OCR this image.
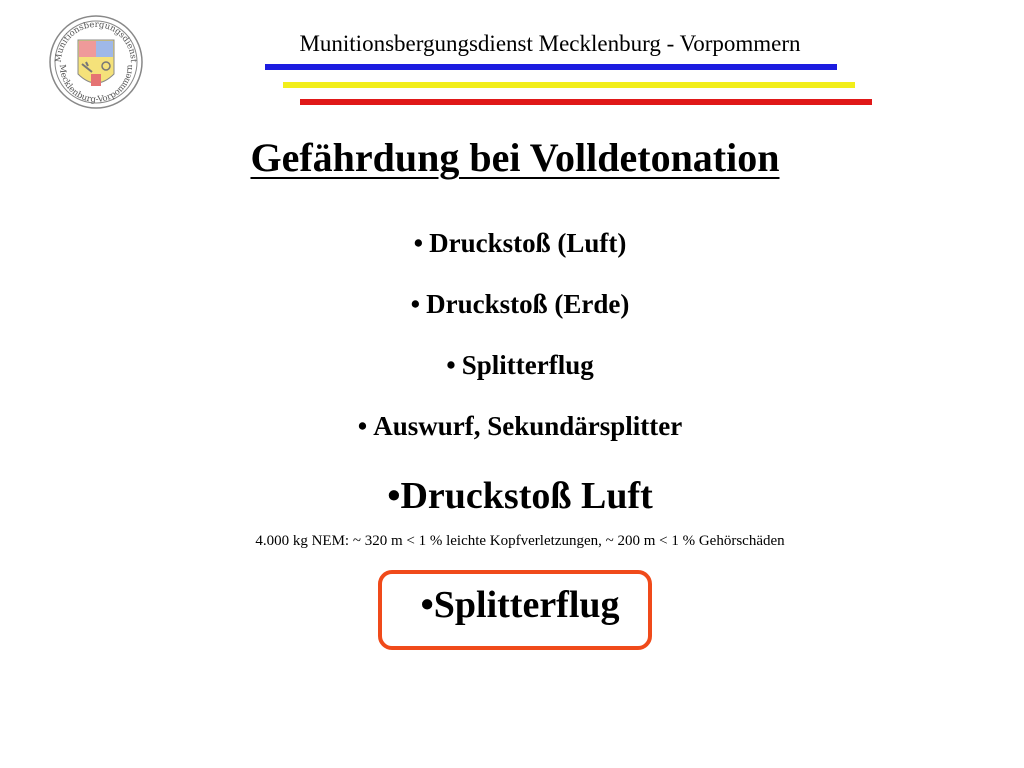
Munitionsbergungsdienst
Mecklenburg-Vorpommern
Munitionsbergungsdienst Mecklenburg - Vorpommern
Gefährdung bei Volldetonation
• Druckstoß (Luft)
• Druckstoß (Erde)
• Splitterflug
• Auswurf, Sekundärsplitter
•Druckstoß Luft
4.000 kg NEM: ~ 320 m < 1 % leichte Kopfverletzungen, ~ 200 m < 1 % Gehörschäden
•Splitterflug
